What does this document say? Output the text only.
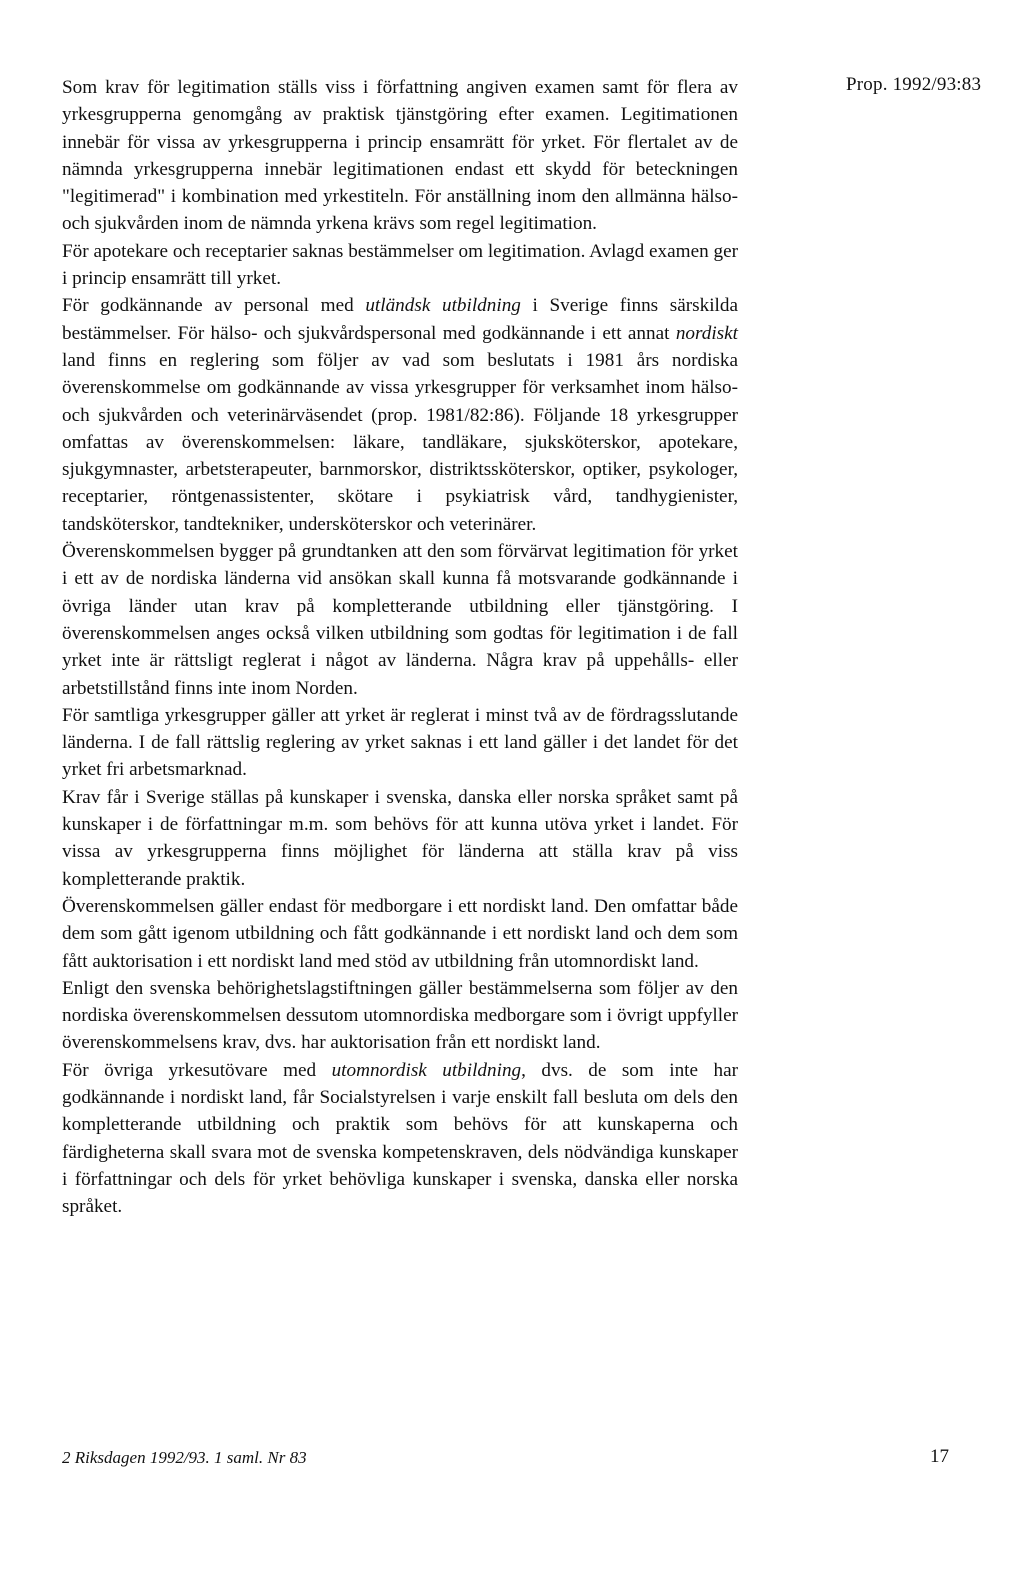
Prop. 1992/93:83

Som krav för legitimation ställs viss i författning angiven examen samt för flera av yrkesgrupperna genomgång av praktisk tjänstgöring efter examen. Legitimationen innebär för vissa av yrkesgrupperna i princip ensamrätt för yrket. För flertalet av de nämnda yrkesgrupperna innebär legitimationen endast ett skydd för beteckningen "legitimerad" i kombination med yrkestiteln. För anställning inom den allmänna hälso-och sjukvården inom de nämnda yrkena krävs som regel legitimation.

För apotekare och receptarier saknas bestämmelser om legitimation. Avlagd examen ger i princip ensamrätt till yrket.

För godkännande av personal med utländsk utbildning i Sverige finns särskilda bestämmelser. För hälso- och sjukvårdspersonal med godkännande i ett annat nordiskt land finns en reglering som följer av vad som beslutats i 1981 års nordiska överenskommelse om godkännande av vissa yrkesgrupper för verksamhet inom hälso- och sjukvården och veterinärväsendet (prop. 1981/82:86). Följande 18 yrkesgrupper omfattas av överenskommelsen: läkare, tandläkare, sjuksköterskor, apotekare, sjukgymnaster, arbetsterapeuter, barnmorskor, distriktssköterskor, optiker, psykologer, receptarier, röntgenassistenter, skötare i psykiatrisk vård, tandhygienister, tandsköterskor, tandtekniker, undersköterskor och veterinärer.

Överenskommelsen bygger på grundtanken att den som förvärvat legitimation för yrket i ett av de nordiska länderna vid ansökan skall kunna få motsvarande godkännande i övriga länder utan krav på kompletterande utbildning eller tjänstgöring. I överenskommelsen anges också vilken utbildning som godtas för legitimation i de fall yrket inte är rättsligt reglerat i något av länderna. Några krav på uppehålls- eller arbetstillstånd finns inte inom Norden.

För samtliga yrkesgrupper gäller att yrket är reglerat i minst två av de fördragsslutande länderna. I de fall rättslig reglering av yrket saknas i ett land gäller i det landet för det yrket fri arbetsmarknad.

Krav får i Sverige ställas på kunskaper i svenska, danska eller norska språket samt på kunskaper i de författningar m.m. som behövs för att kunna utöva yrket i landet. För vissa av yrkesgrupperna finns möjlighet för länderna att ställa krav på viss kompletterande praktik.

Överenskommelsen gäller endast för medborgare i ett nordiskt land. Den omfattar både dem som gått igenom utbildning och fått godkännande i ett nordiskt land och dem som fått auktorisation i ett nordiskt land med stöd av utbildning från utomnordiskt land.

Enligt den svenska behörighetslagstiftningen gäller bestämmelserna som följer av den nordiska överenskommelsen dessutom utomnordiska medborgare som i övrigt uppfyller överenskommelsens krav, dvs. har auktorisation från ett nordiskt land.

För övriga yrkesutövare med utomnordisk utbildning, dvs. de som inte har godkännande i nordiskt land, får Socialstyrelsen i varje enskilt fall besluta om dels den kompletterande utbildning och praktik som behövs för att kunskaperna och färdigheterna skall svara mot de svenska kompetenskraven, dels nödvändiga kunskaper i författningar och dels för yrket behövliga kunskaper i svenska, danska eller norska språket.

2 Riksdagen 1992/93. 1 saml. Nr 83	17
